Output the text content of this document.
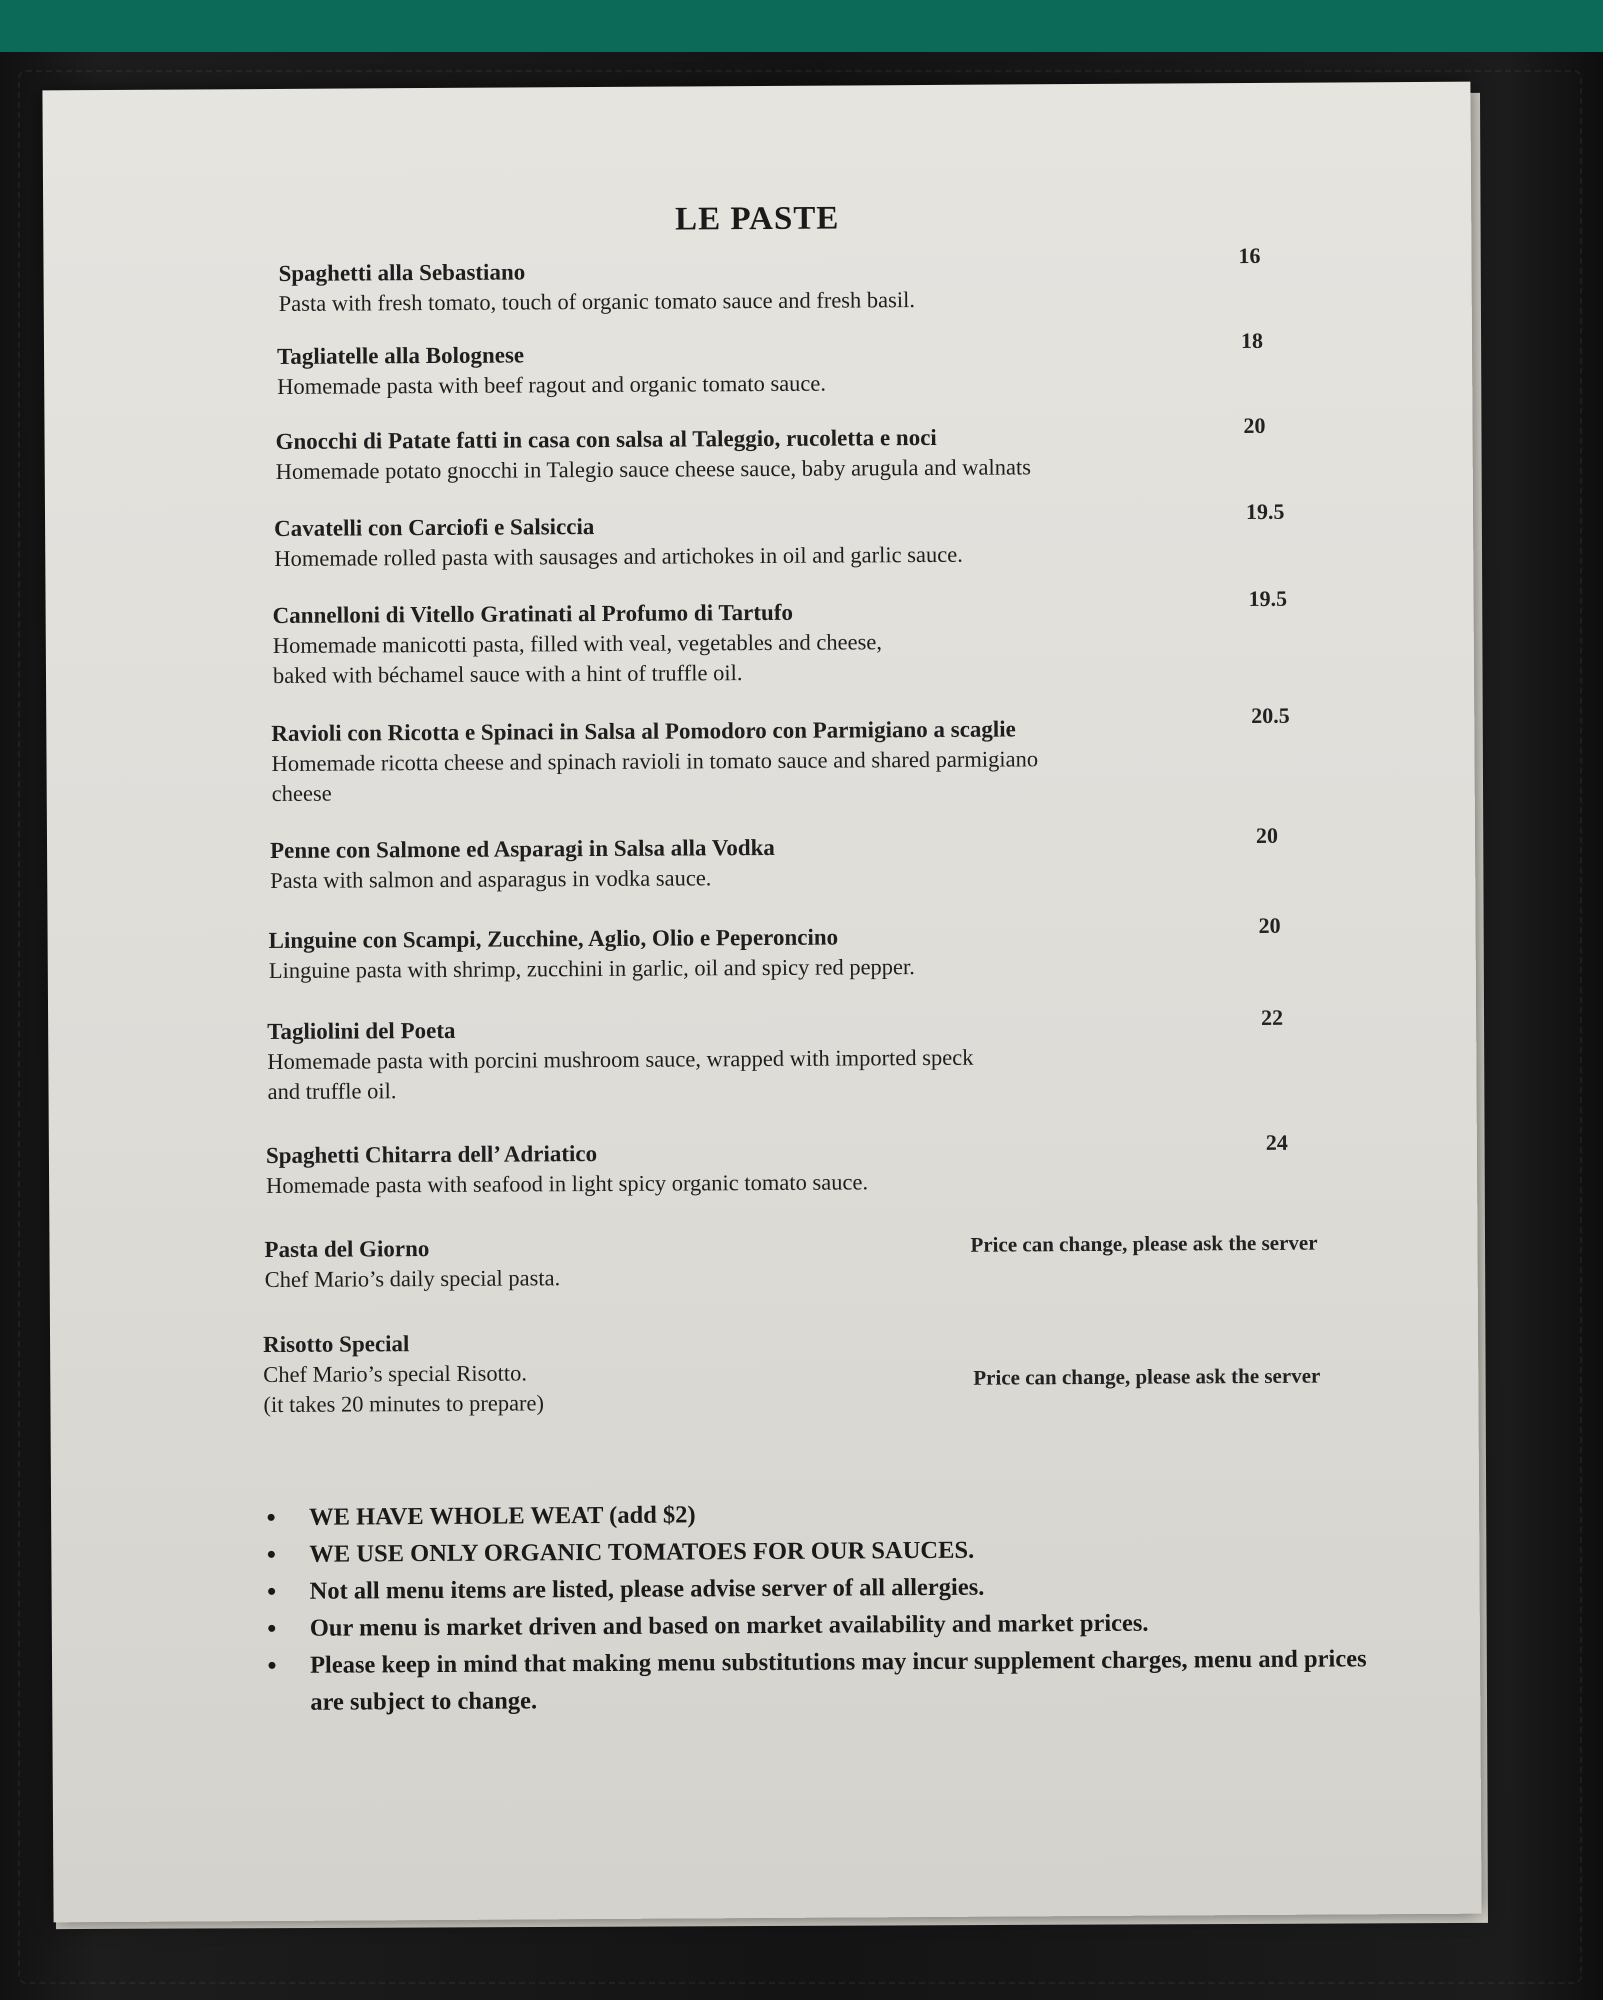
LE PASTE
Spaghetti alla Sebastiano
Pasta with fresh tomato, touch of organic tomato sauce and fresh basil.
16
Tagliatelle alla Bolognese
Homemade pasta with beef ragout and organic tomato sauce.
18
Gnocchi di Patate fatti in casa con salsa al Taleggio, rucoletta e noci
Homemade potato gnocchi in Talegio sauce cheese sauce, baby arugula and walnats
20
Cavatelli con Carciofi e Salsiccia
Homemade rolled pasta with sausages and artichokes in oil and garlic sauce.
19.5
Cannelloni di Vitello Gratinati al Profumo di Tartufo
Homemade manicotti pasta, filled with veal, vegetables and cheese,
baked with béchamel sauce with a hint of truffle oil.
19.5
Ravioli con Ricotta e Spinaci in Salsa al Pomodoro con Parmigiano a scaglie
Homemade ricotta cheese and spinach ravioli in tomato sauce and shared parmigiano
cheese
20.5
Penne con Salmone ed Asparagi in Salsa alla Vodka
Pasta with salmon and asparagus in vodka sauce.
20
Linguine con Scampi, Zucchine, Aglio, Olio e Peperoncino
Linguine pasta with shrimp, zucchini in garlic, oil and spicy red pepper.
20
Tagliolini del Poeta
Homemade pasta with porcini mushroom sauce, wrapped with imported speck
and truffle oil.
22
Spaghetti Chitarra dell’ Adriatico
Homemade pasta with seafood in light spicy organic tomato sauce.
24
Pasta del Giorno
Chef Mario’s daily special pasta.
Price can change, please ask the server
Risotto Special
Chef Mario’s special Risotto.
(it takes 20 minutes to prepare)
Price can change, please ask the server
• WE HAVE WHOLE WEAT (add $2)
• WE USE ONLY ORGANIC TOMATOES FOR OUR SAUCES.
• Not all menu items are listed, please advise server of all allergies.
• Our menu is market driven and based on market availability and market prices.
• Please keep in mind that making menu substitutions may incur supplement charges, menu and prices are subject to change.
